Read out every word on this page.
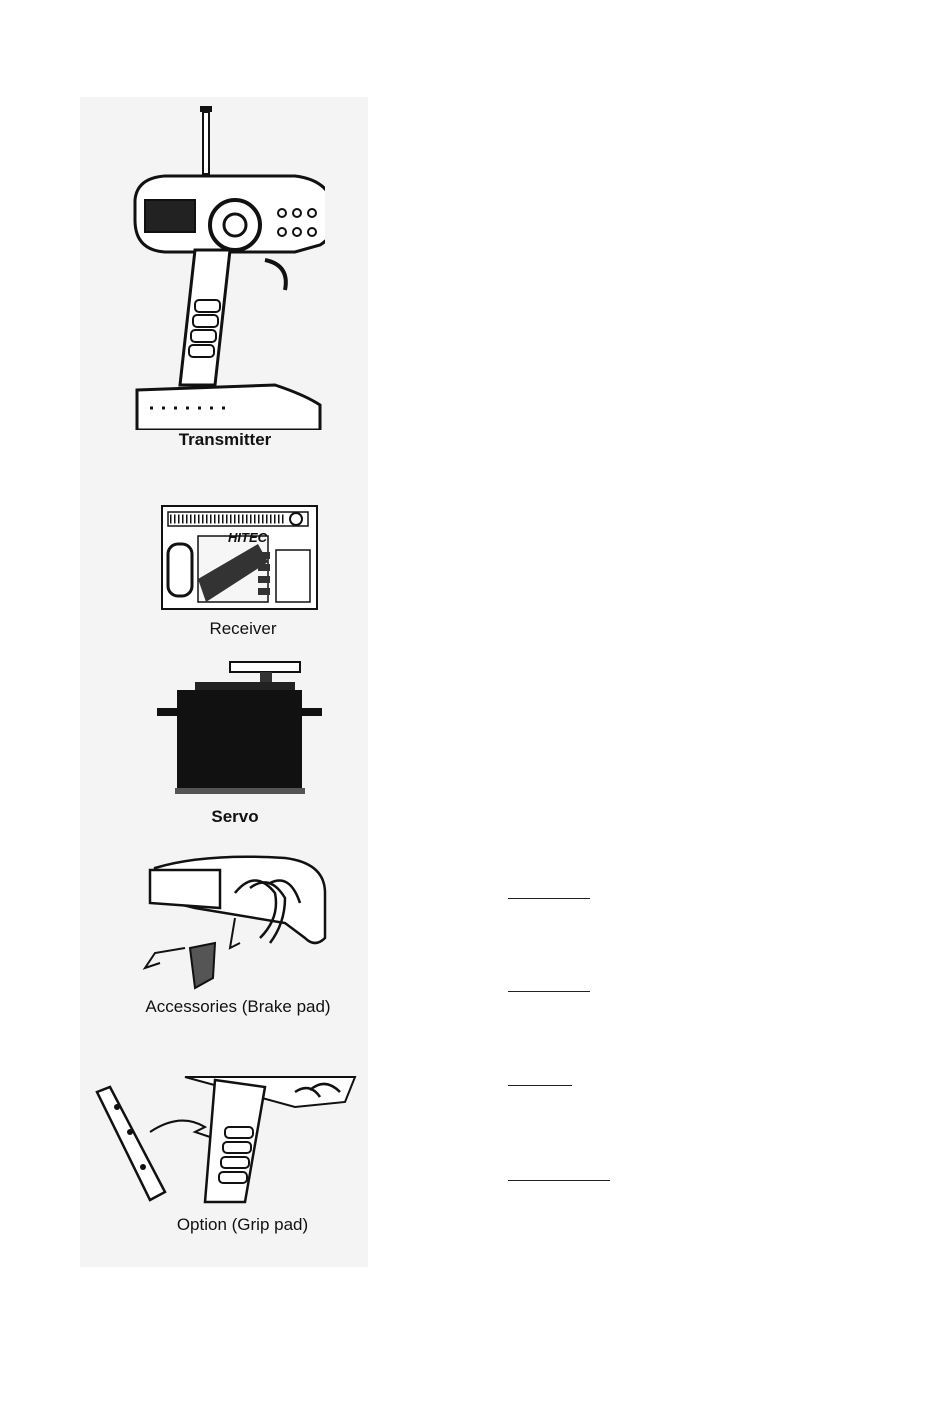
Transmitter
HITEC
Receiver
Servo
Accessories (Brake pad)
Option (Grip pad)
